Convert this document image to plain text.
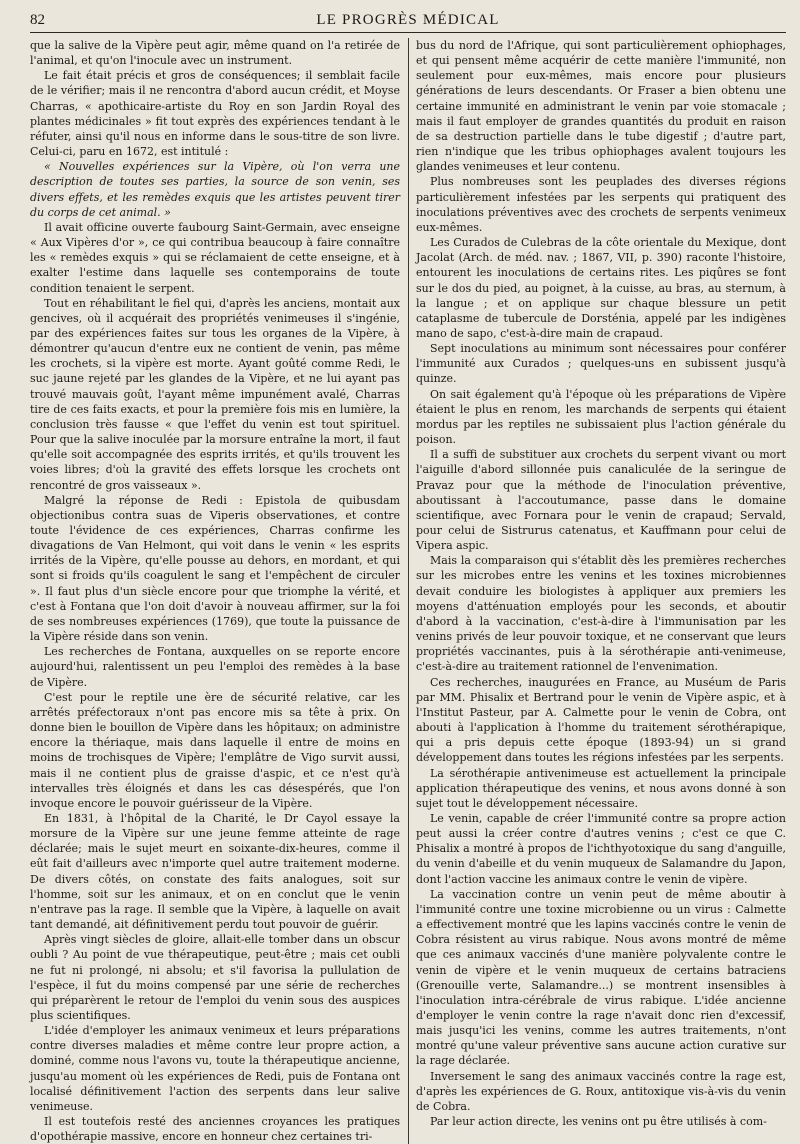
82	LE PROGRÈS MÉDICAL

que la salive de la Vipère peut agir, même quand on l'a retirée de l'animal, et qu'on l'inocule avec un instrument.

Le fait était précis et gros de conséquences; il semblait facile de le vérifier; mais il ne rencontra d'abord aucun crédit, et Moyse Charras, « apothicaire-artiste du Roy en son Jardin Royal des plantes médicinales » fit tout exprès des expériences tendant à le réfuter, ainsi qu'il nous en informe dans le sous-titre de son livre. Celui-ci, paru en 1672, est intitulé :

« Nouvelles expériences sur la Vipère, où l'on verra une description de toutes ses parties, la source de son venin, ses divers effets, et les remèdes exquis que les artistes peuvent tirer du corps de cet animal. »

Il avait officine ouverte faubourg Saint-Germain, avec enseigne « Aux Vipères d'or », ce qui contribua beaucoup à faire connaître les « remèdes exquis » qui se réclamaient de cette enseigne, et à exalter l'estime dans laquelle ses contemporains de toute condition tenaient le serpent.

Tout en réhabilitant le fiel qui, d'après les anciens, montait aux gencives, où il acquérait des propriétés venimeuses il s'ingénie, par des expériences faites sur tous les organes de la Vipère, à démontrer qu'aucun d'entre eux ne contient de venin, pas même les crochets, si la vipère est morte. Ayant goûté comme Redi, le suc jaune rejeté par les glandes de la Vipère, et ne lui ayant pas trouvé mauvais goût, l'ayant même impunément avalé, Charras tire de ces faits exacts, et pour la première fois mis en lumière, la conclusion très fausse « que l'effet du venin est tout spirituel. Pour que la salive inoculée par la morsure entraîne la mort, il faut qu'elle soit accompagnée des esprits irrités, et qu'ils trouvent les voies libres; d'où la gravité des effets lorsque les crochets ont rencontré de gros vaisseaux ».

Malgré la réponse de Redi : Epistola de quibusdam objectionibus contra suas de Viperis observationes, et contre toute l'évidence de ces expériences, Charras confirme les divagations de Van Helmont, qui voit dans le venin « les esprits irrités de la Vipère, qu'elle pousse au dehors, en mordant, et qui sont si froids qu'ils coagulent le sang et l'empêchent de circuler ». Il faut plus d'un siècle encore pour que triomphe la vérité, et c'est à Fontana que l'on doit d'avoir à nouveau affirmer, sur la foi de ses nombreuses expériences (1769), que toute la puissance de la Vipère réside dans son venin.

Les recherches de Fontana, auxquelles on se reporte encore aujourd'hui, ralentissent un peu l'emploi des remèdes à la base de Vipère.

C'est pour le reptile une ère de sécurité relative, car les arrêtés préfectoraux n'ont pas encore mis sa tête à prix. On donne bien le bouillon de Vipère dans les hôpitaux; on administre encore la thériaque, mais dans laquelle il entre de moins en moins de trochisques de Vipère; l'emplâtre de Vigo survit aussi, mais il ne contient plus de graisse d'aspic, et ce n'est qu'à intervalles très éloignés et dans les cas désespérés, que l'on invoque encore le pouvoir guérisseur de la Vipère.

En 1831, à l'hôpital de la Charité, le Dr Cayol essaye la morsure de la Vipère sur une jeune femme atteinte de rage déclarée; mais le sujet meurt en soixante-dix-heures, comme il eût fait d'ailleurs avec n'importe quel autre traitement moderne. De divers côtés, on constate des faits analogues, soit sur l'homme, soit sur les animaux, et on en conclut que le venin n'entrave pas la rage. Il semble que la Vipère, à laquelle on avait tant demandé, ait définitivement perdu tout pouvoir de guérir.

Après vingt siècles de gloire, allait-elle tomber dans un obscur oubli ? Au point de vue thérapeutique, peut-être ; mais cet oubli ne fut ni prolongé, ni absolu; et s'il favorisa la pullulation de l'espèce, il fut du moins compensé par une série de recherches qui préparèrent le retour de l'emploi du venin sous des auspices plus scientifiques.

L'idée d'employer les animaux venimeux et leurs préparations contre diverses maladies et même contre leur propre action, a dominé, comme nous l'avons vu, toute la thérapeutique ancienne, jusqu'au moment où les expériences de Redi, puis de Fontana ont localisé définitivement l'action des serpents dans leur salive venimeuse.

Il est toutefois resté des anciennes croyances les pratiques d'opothérapie massive, encore en honneur chez certaines tri-

bus du nord de l'Afrique, qui sont particulièrement ophiophages, et qui pensent même acquérir de cette manière l'immunité, non seulement pour eux-mêmes, mais encore pour plusieurs générations de leurs descendants. Or Fraser a bien obtenu une certaine immunité en administrant le venin par voie stomacale ; mais il faut employer de grandes quantités du produit en raison de sa destruction partielle dans le tube digestif ; d'autre part, rien n'indique que les tribus ophiophages avalent toujours les glandes venimeuses et leur contenu.

Plus nombreuses sont les peuplades des diverses régions particulièrement infestées par les serpents qui pratiquent des inoculations préventives avec des crochets de serpents venimeux eux-mêmes.

Les Curados de Culebras de la côte orientale du Mexique, dont Jacolat (Arch. de méd. nav. ; 1867, VII, p. 390) raconte l'histoire, entourent les inoculations de certains rites. Les piqûres se font sur le dos du pied, au poignet, à la cuisse, au bras, au sternum, à la langue ; et on applique sur chaque blessure un petit cataplasme de tubercule de Dorsténia, appelé par les indigènes mano de sapo, c'est-à-dire main de crapaud.

Sept inoculations au minimum sont nécessaires pour conférer l'immunité aux Curados ; quelques-uns en subissent jusqu'à quinze.

On sait également qu'à l'époque où les préparations de Vipère étaient le plus en renom, les marchands de serpents qui étaient mordus par les reptiles ne subissaient plus l'action générale du poison.

Il a suffi de substituer aux crochets du serpent vivant ou mort l'aiguille d'abord sillonnée puis canaliculée de la seringue de Pravaz pour que la méthode de l'inoculation préventive, aboutissant à l'accoutumance, passe dans le domaine scientifique, avec Fornara pour le venin de crapaud; Servald, pour celui de Sistrurus catenatus, et Kauffmann pour celui de Vipera aspic.

Mais la comparaison qui s'établit dès les premières recherches sur les microbes entre les venins et les toxines microbiennes devait conduire les biologistes à appliquer aux premiers les moyens d'atténuation employés pour les seconds, et aboutir d'abord à la vaccination, c'est-à-dire à l'immunisation par les venins privés de leur pouvoir toxique, et ne conservant que leurs propriétés vaccinantes, puis à la sérothérapie anti-venimeuse, c'est-à-dire au traitement rationnel de l'envenimation.

Ces recherches, inaugurées en France, au Muséum de Paris par MM. Phisalix et Bertrand pour le venin de Vipère aspic, et à l'Institut Pasteur, par A. Calmette pour le venin de Cobra, ont abouti à l'application à l'homme du traitement sérothérapique, qui a pris depuis cette époque (1893-94) un si grand développement dans toutes les régions infestées par les serpents.

La sérothérapie antivenimeuse est actuellement la principale application thérapeutique des venins, et nous avons donné à son sujet tout le développement nécessaire.

Le venin, capable de créer l'immunité contre sa propre action peut aussi la créer contre d'autres venins ; c'est ce que C. Phisalix a montré à propos de l'ichthyotoxique du sang d'anguille, du venin d'abeille et du venin muqueux de Salamandre du Japon, dont l'action vaccine les animaux contre le venin de vipère.

La vaccination contre un venin peut de même aboutir à l'immunité contre une toxine microbienne ou un virus : Calmette a effectivement montré que les lapins vaccinés contre le venin de Cobra résistent au virus rabique. Nous avons montré de même que ces animaux vaccinés d'une manière polyvalente contre le venin de vipère et le venin muqueux de certains batraciens (Grenouille verte, Salamandre...) se montrent insensibles à l'inoculation intra-cérébrale de virus rabique. L'idée ancienne d'employer le venin contre la rage n'avait donc rien d'excessif, mais jusqu'ici les venins, comme les autres traitements, n'ont montré qu'une valeur préventive sans aucune action curative sur la rage déclarée.

Inversement le sang des animaux vaccinés contre la rage est, d'après les expériences de G. Roux, antitoxique vis-à-vis du venin de Cobra.

Par leur action directe, les venins ont pu être utilisés à com-
